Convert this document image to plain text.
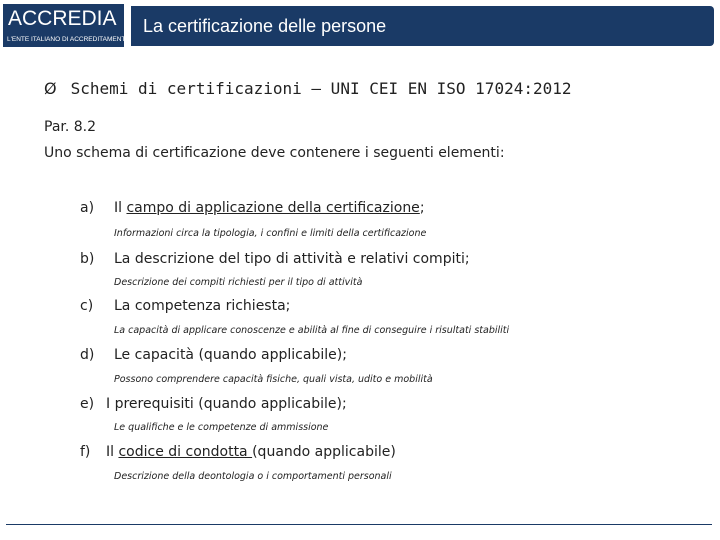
ACCREDIA
L'ENTE ITALIANO DI ACCREDITAMENTO
La certificazione delle persone
Ø Schemi di certificazioni – UNI CEI EN ISO 17024:2012
Par. 8.2
Uno schema di certificazione deve contenere i seguenti elementi:
a) Il campo di applicazione della certificazione;
Informazioni circa la tipologia, i confini e limiti della certificazione
b) La descrizione del tipo di attività e relativi compiti;
Descrizione dei compiti richiesti per il tipo di attività
c) La competenza richiesta;
La capacità di applicare conoscenze e abilità al fine di conseguire i risultati stabiliti
d) Le capacità (quando applicabile);
Possono comprendere capacità fisiche, quali vista, udito e mobilità
e) I prerequisiti (quando applicabile);
Le qualifiche e le competenze di ammissione
f) Il codice di condotta (quando applicabile)
Descrizione della deontologia o i comportamenti personali
